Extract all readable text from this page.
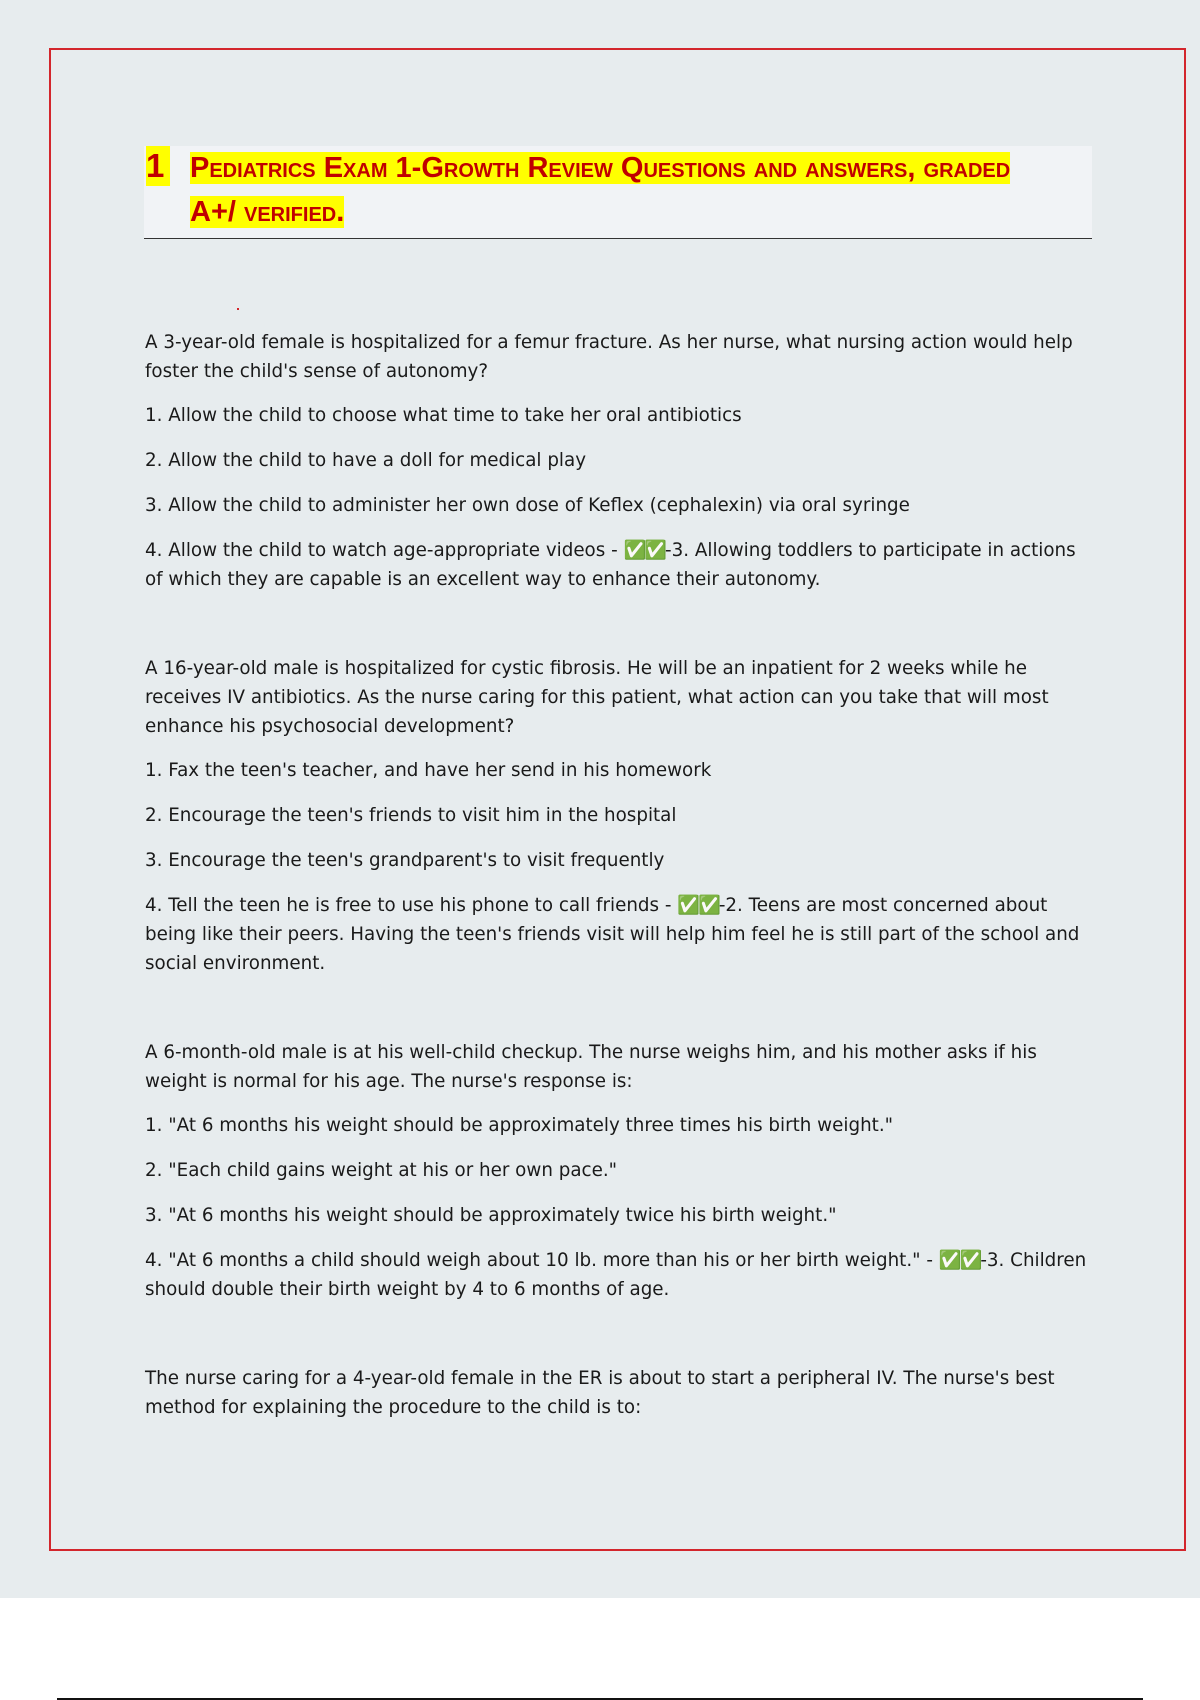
1 Pediatrics Exam 1-Growth Review Questions and answers, graded A+/ verified.

A 3-year-old female is hospitalized for a femur fracture. As her nurse, what nursing action would help foster the child's sense of autonomy?

1. Allow the child to choose what time to take her oral antibiotics

2. Allow the child to have a doll for medical play

3. Allow the child to administer her own dose of Keflex (cephalexin) via oral syringe

4. Allow the child to watch age-appropriate videos - ✅✅-3. Allowing toddlers to participate in actions of which they are capable is an excellent way to enhance their autonomy.

A 16-year-old male is hospitalized for cystic fibrosis. He will be an inpatient for 2 weeks while he receives IV antibiotics. As the nurse caring for this patient, what action can you take that will most enhance his psychosocial development?

1. Fax the teen's teacher, and have her send in his homework

2. Encourage the teen's friends to visit him in the hospital

3. Encourage the teen's grandparent's to visit frequently

4. Tell the teen he is free to use his phone to call friends - ✅✅-2. Teens are most concerned about being like their peers. Having the teen's friends visit will help him feel he is still part of the school and social environment.

A 6-month-old male is at his well-child checkup. The nurse weighs him, and his mother asks if his weight is normal for his age. The nurse's response is:

1. "At 6 months his weight should be approximately three times his birth weight."

2. "Each child gains weight at his or her own pace."

3. "At 6 months his weight should be approximately twice his birth weight."

4. "At 6 months a child should weigh about 10 lb. more than his or her birth weight." - ✅✅-3. Children should double their birth weight by 4 to 6 months of age.

The nurse caring for a 4-year-old female in the ER is about to start a peripheral IV. The nurse's best method for explaining the procedure to the child is to:
